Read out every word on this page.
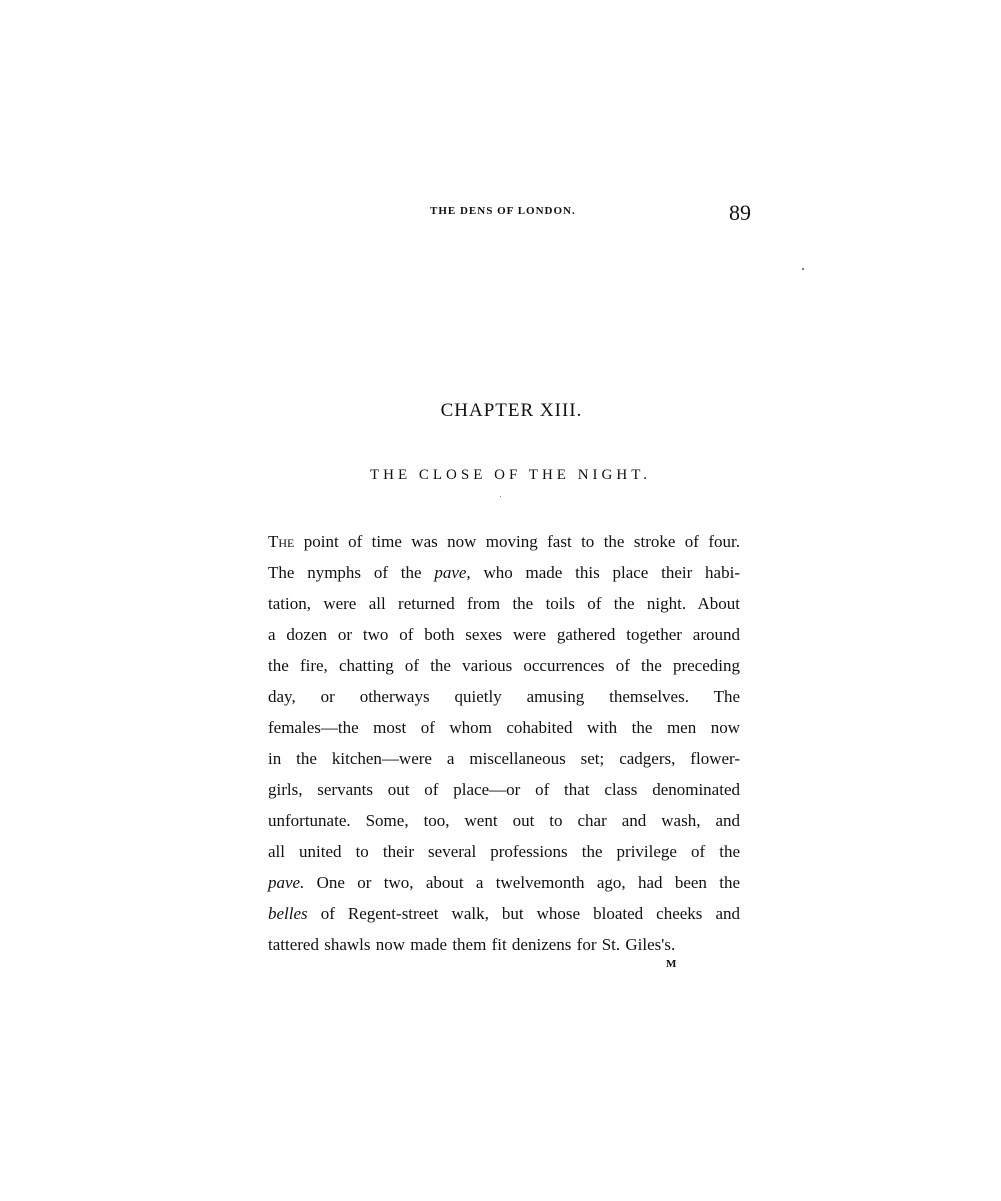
THE DENS OF LONDON.	89
CHAPTER XIII.
THE CLOSE OF THE NIGHT.
The point of time was now moving fast to the stroke of four.
The nymphs of the pave, who made this place their habi-
tation, were all returned from the toils of the night. About
a dozen or two of both sexes were gathered together around
the fire, chatting of the various occurrences of the preceding
day, or otherways quietly amusing themselves. The
females—the most of whom cohabited with the men now
in the kitchen—were a miscellaneous set; cadgers, flower-
girls, servants out of place—or of that class denominated
unfortunate. Some, too, went out to char and wash, and
all united to their several professions the privilege of the
pave. One or two, about a twelvemonth ago, had been the
belles of Regent-street walk, but whose bloated cheeks and
tattered shawls now made them fit denizens for St. Giles's.
M
